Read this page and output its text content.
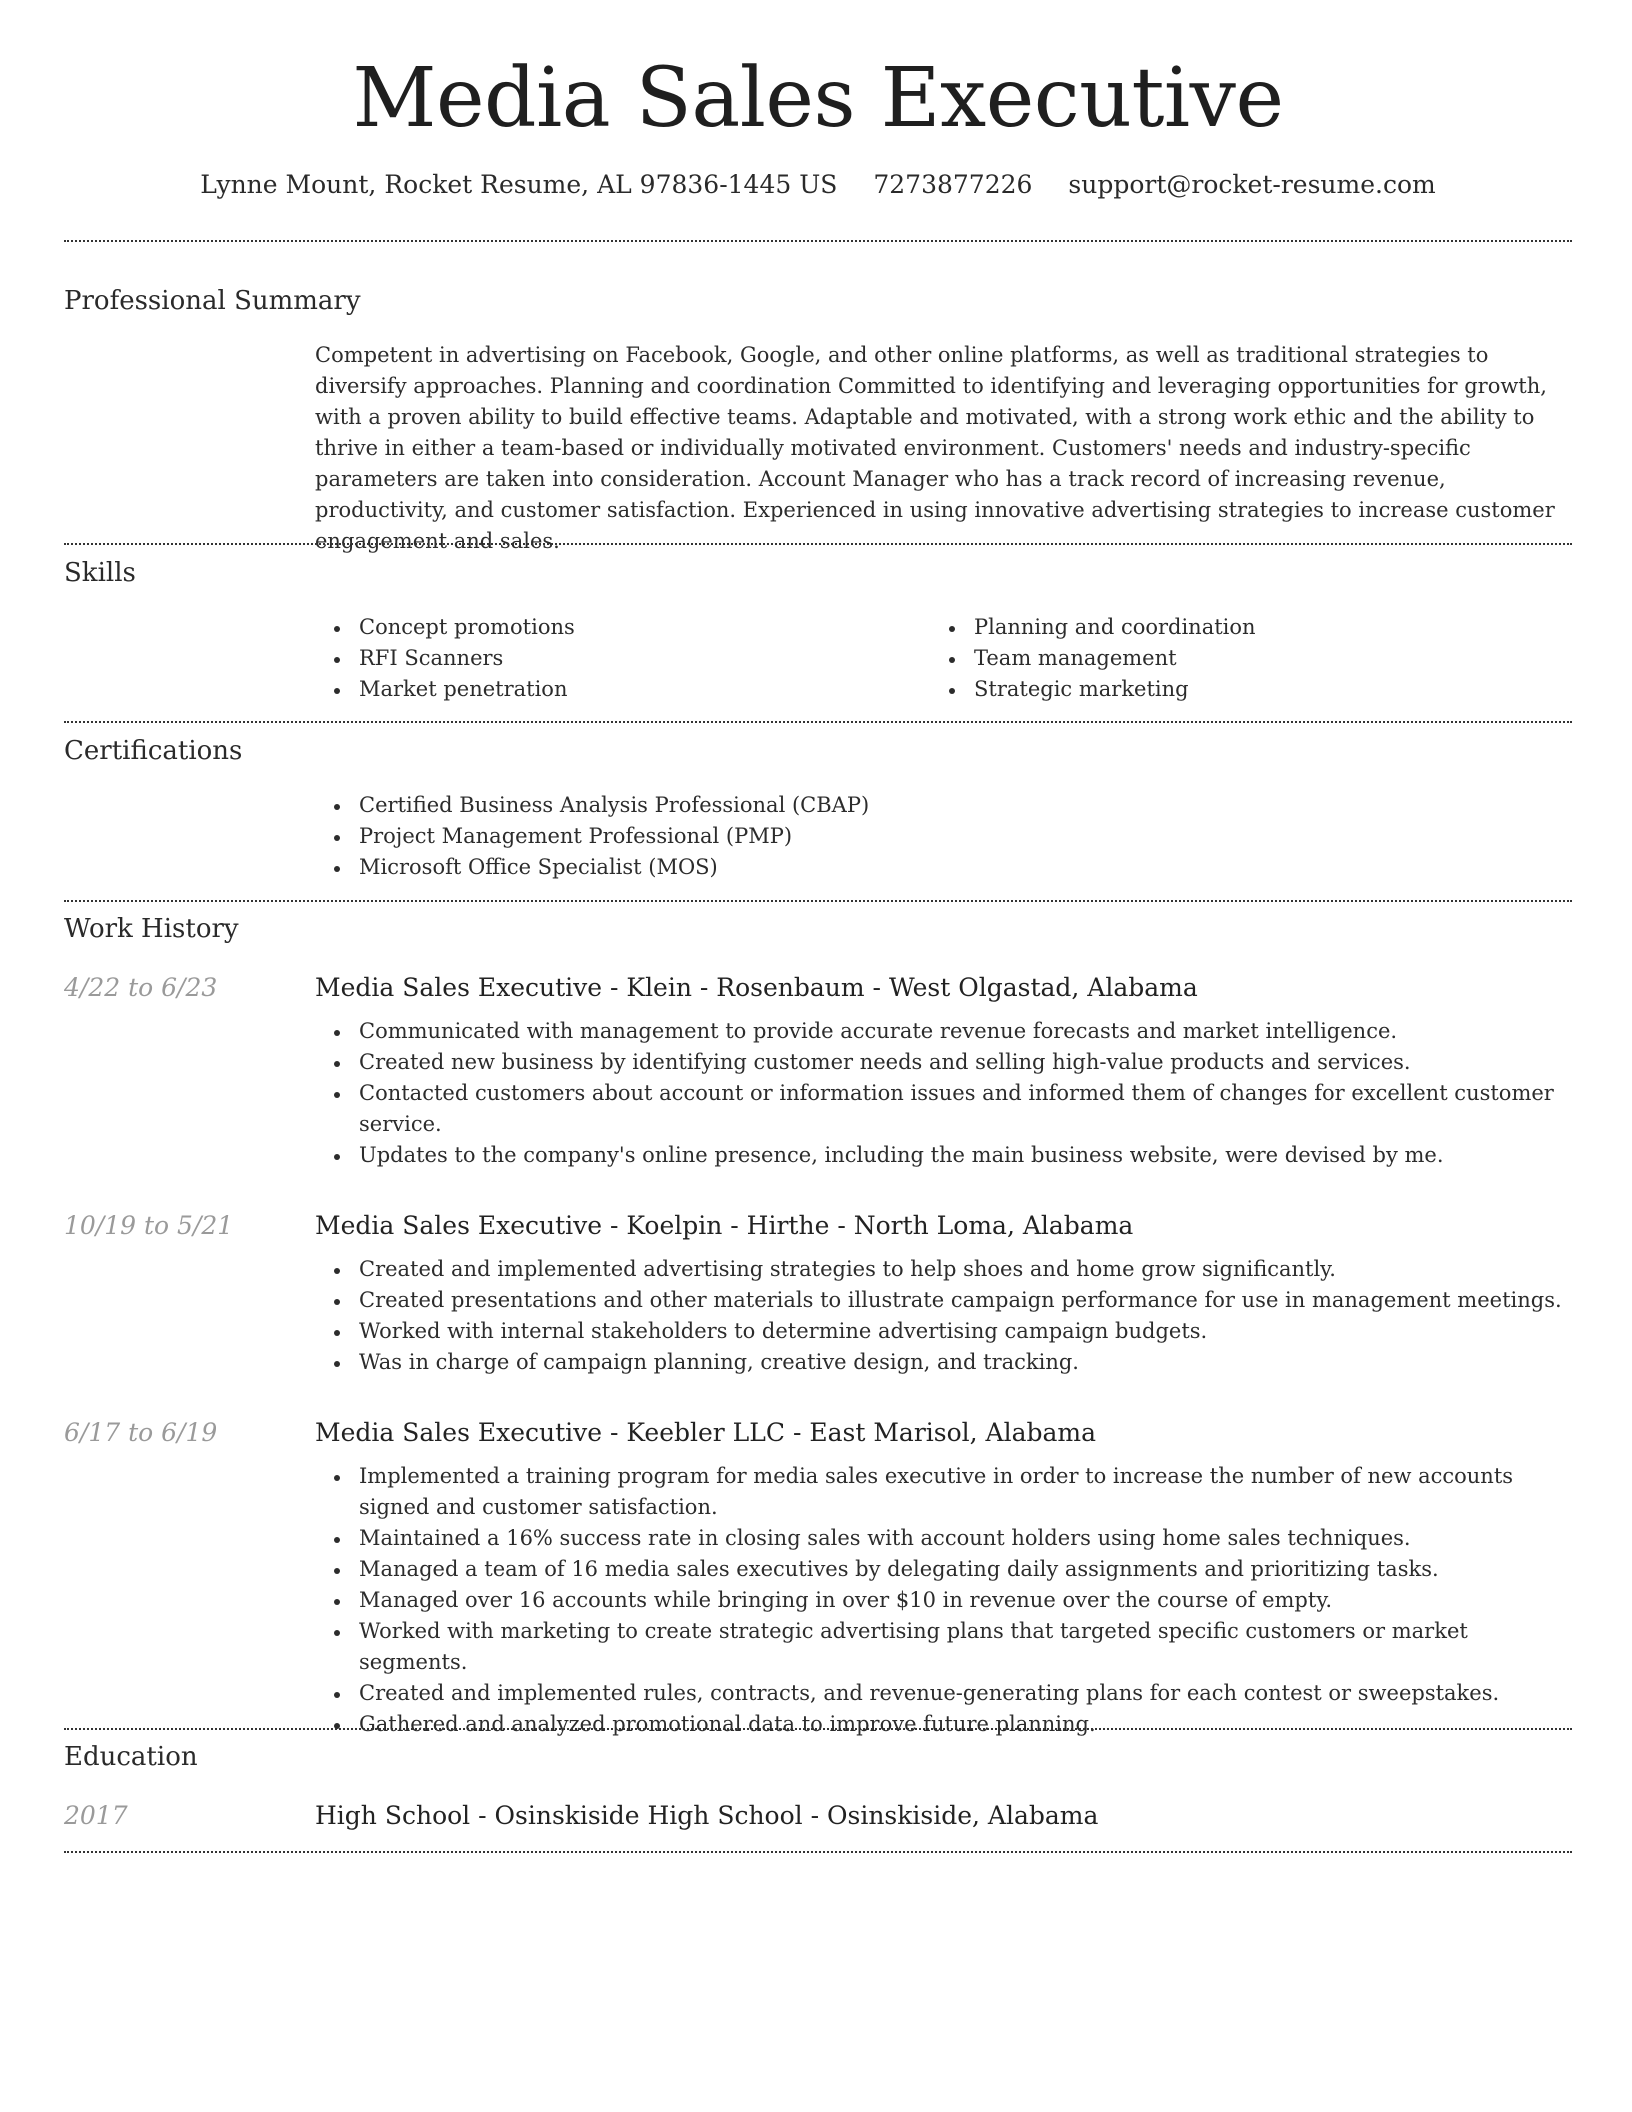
Media Sales Executive
Lynne Mount, Rocket Resume, AL 97836-1445 US 7273877226 support@rocket-resume.com
Professional Summary

Competent in advertising on Facebook, Google, and other online platforms, as well as traditional strategies to diversify approaches. Planning and coordination Committed to identifying and leveraging opportunities for growth, with a proven ability to build effective teams. Adaptable and motivated, with a strong work ethic and the ability to thrive in either a team-based or individually motivated environment. Customers' needs and industry-specific parameters are taken into consideration. Account Manager who has a track record of increasing revenue, productivity, and customer satisfaction. Experienced in using innovative advertising strategies to increase customer engagement and sales.

Skills
Concept promotions
RFI Scanners
Market penetration
Planning and coordination
Team management
Strategic marketing
Certifications
Certified Business Analysis Professional (CBAP)
Project Management Professional (PMP)
Microsoft Office Specialist (MOS)
Work History
4/22 to 6/23	Media Sales Executive - Klein - Rosenbaum - West Olgastad, Alabama
Communicated with management to provide accurate revenue forecasts and market intelligence.
Created new business by identifying customer needs and selling high-value products and services.
Contacted customers about account or information issues and informed them of changes for excellent customer service.
Updates to the company's online presence, including the main business website, were devised by me.
10/19 to 5/21	Media Sales Executive - Koelpin - Hirthe - North Loma, Alabama
Created and implemented advertising strategies to help shoes and home grow significantly.
Created presentations and other materials to illustrate campaign performance for use in management meetings.
Worked with internal stakeholders to determine advertising campaign budgets.
Was in charge of campaign planning, creative design, and tracking.
6/17 to 6/19	Media Sales Executive - Keebler LLC - East Marisol, Alabama
Implemented a training program for media sales executive in order to increase the number of new accounts signed and customer satisfaction.
Maintained a 16% success rate in closing sales with account holders using home sales techniques.
Managed a team of 16 media sales executives by delegating daily assignments and prioritizing tasks.
Managed over 16 accounts while bringing in over $10 in revenue over the course of empty.
Worked with marketing to create strategic advertising plans that targeted specific customers or market segments.
Created and implemented rules, contracts, and revenue-generating plans for each contest or sweepstakes.
Gathered and analyzed promotional data to improve future planning.
Education
2017	High School - Osinskiside High School - Osinskiside, Alabama
